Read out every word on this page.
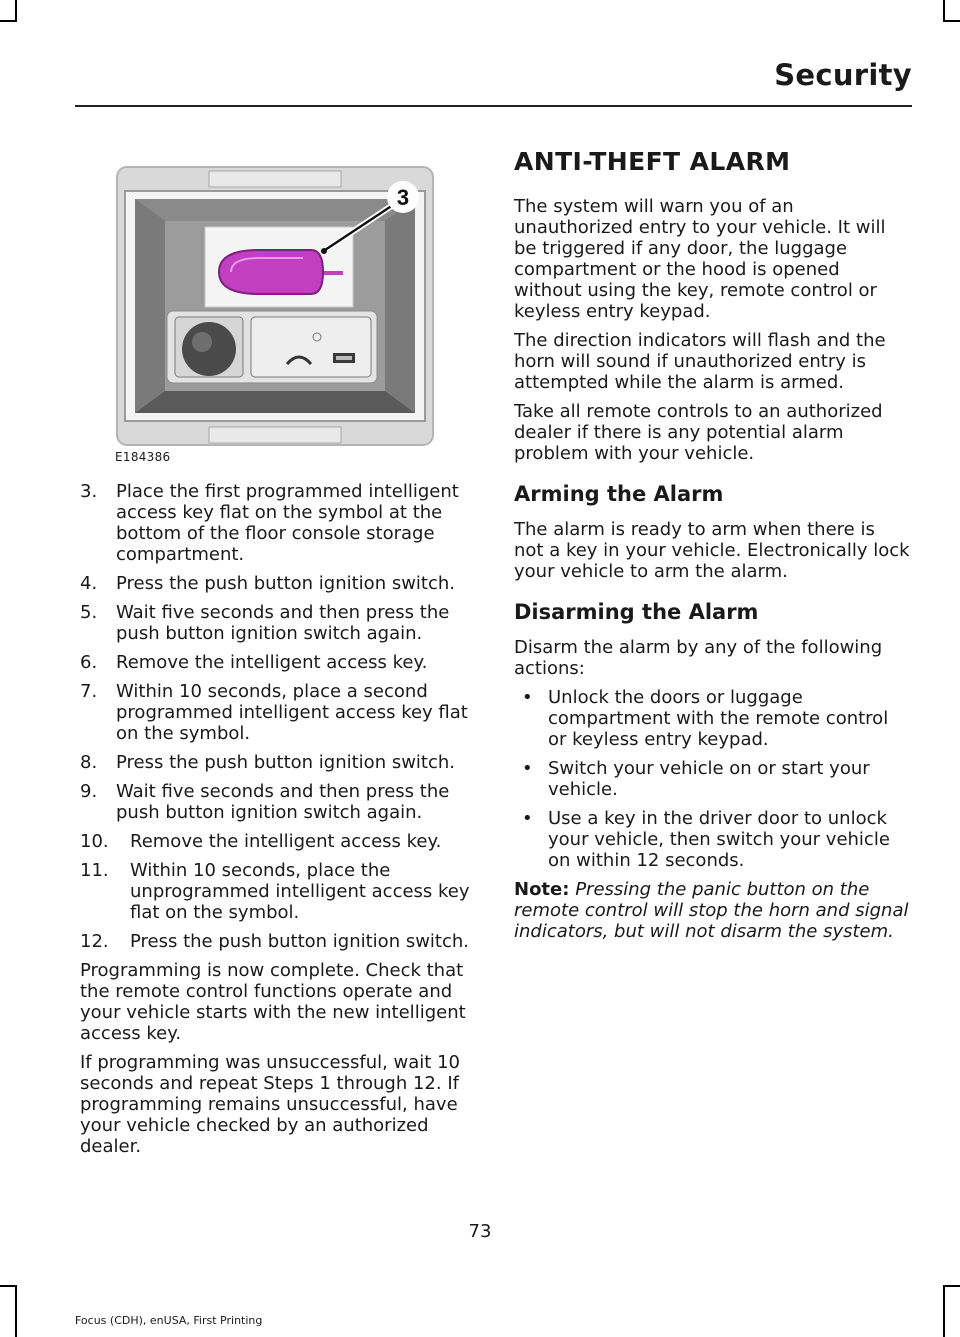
Security
3
E184386
3. Place the first programmed intelligent access key flat on the symbol at the bottom of the floor console storage compartment.
4. Press the push button ignition switch.
5. Wait five seconds and then press the push button ignition switch again.
6. Remove the intelligent access key.
7. Within 10 seconds, place a second programmed intelligent access key flat on the symbol.
8. Press the push button ignition switch.
9. Wait five seconds and then press the push button ignition switch again.
10. Remove the intelligent access key.
11. Within 10 seconds, place the unprogrammed intelligent access key flat on the symbol.
12. Press the push button ignition switch.

Programming is now complete. Check that the remote control functions operate and your vehicle starts with the new intelligent access key.

If programming was unsuccessful, wait 10 seconds and repeat Steps 1 through 12. If programming remains unsuccessful, have your vehicle checked by an authorized dealer.

ANTI-THEFT ALARM

The system will warn you of an unauthorized entry to your vehicle. It will be triggered if any door, the luggage compartment or the hood is opened without using the key, remote control or keyless entry keypad.

The direction indicators will flash and the horn will sound if unauthorized entry is attempted while the alarm is armed.

Take all remote controls to an authorized dealer if there is any potential alarm problem with your vehicle.

Arming the Alarm

The alarm is ready to arm when there is not a key in your vehicle. Electronically lock your vehicle to arm the alarm.

Disarming the Alarm

Disarm the alarm by any of the following actions:

• Unlock the doors or luggage compartment with the remote control or keyless entry keypad.
• Switch your vehicle on or start your vehicle.
• Use a key in the driver door to unlock your vehicle, then switch your vehicle on within 12 seconds.

Note: Pressing the panic button on the remote control will stop the horn and signal indicators, but will not disarm the system.

73
Focus (CDH), enUSA, First Printing
